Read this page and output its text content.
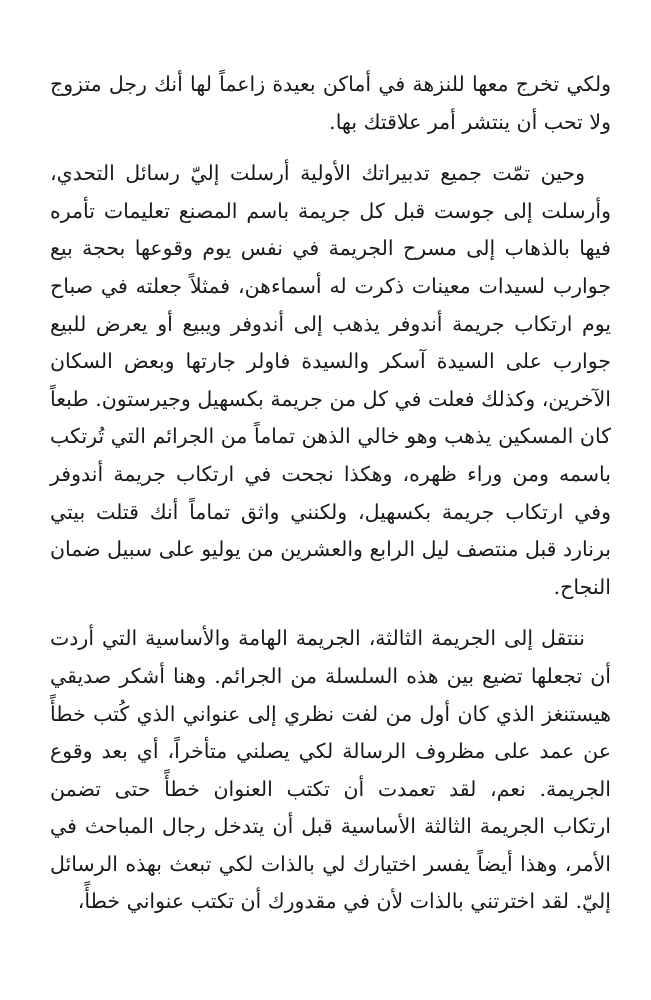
ولكي تخرج معها للنزهة في أماكن بعيدة زاعماً لها أنك رجل متزوج ولا تحب أن ينتشر أمر علاقتك بها.

وحين تمّت جميع تدبيراتك الأولية أرسلت إليّ رسائل التحدي، وأرسلت إلى جوست قبل كل جريمة باسم المصنع تعليمات تأمره فيها بالذهاب إلى مسرح الجريمة في نفس يوم وقوعها بحجة بيع جوارب لسيدات معينات ذكرت له أسماءهن، فمثلاً جعلته في صباح يوم ارتكاب جريمة أندوفر يذهب إلى أندوفر ويبيع أو يعرض للبيع جوارب على السيدة آسكر والسيدة فاولر جارتها وبعض السكان الآخرين، وكذلك فعلت في كل من جريمة بكسهيل وجيرستون. طبعاً كان المسكين يذهب وهو خالي الذهن تماماً من الجرائم التي تُرتكب باسمه ومن وراء ظهره، وهكذا نجحت في ارتكاب جريمة أندوفر وفي ارتكاب جريمة بكسهيل، ولكنني واثق تماماً أنك قتلت بيتي برنارد قبل منتصف ليل الرابع والعشرين من يوليو على سبيل ضمان النجاح.

ننتقل إلى الجريمة الثالثة، الجريمة الهامة والأساسية التي أردت أن تجعلها تضيع بين هذه السلسلة من الجرائم. وهنا أشكر صديقي هيستنغز الذي كان أول من لفت نظري إلى عنواني الذي كُتب خطأً عن عمد على مظروف الرسالة لكي يصلني متأخراً، أي بعد وقوع الجريمة. نعم، لقد تعمدت أن تكتب العنوان خطأً حتى تضمن ارتكاب الجريمة الثالثة الأساسية قبل أن يتدخل رجال المباحث في الأمر، وهذا أيضاً يفسر اختيارك لي بالذات لكي تبعث بهذه الرسائل إليّ. لقد اخترتني بالذات لأن في مقدورك أن تكتب عنواني خطأً،
